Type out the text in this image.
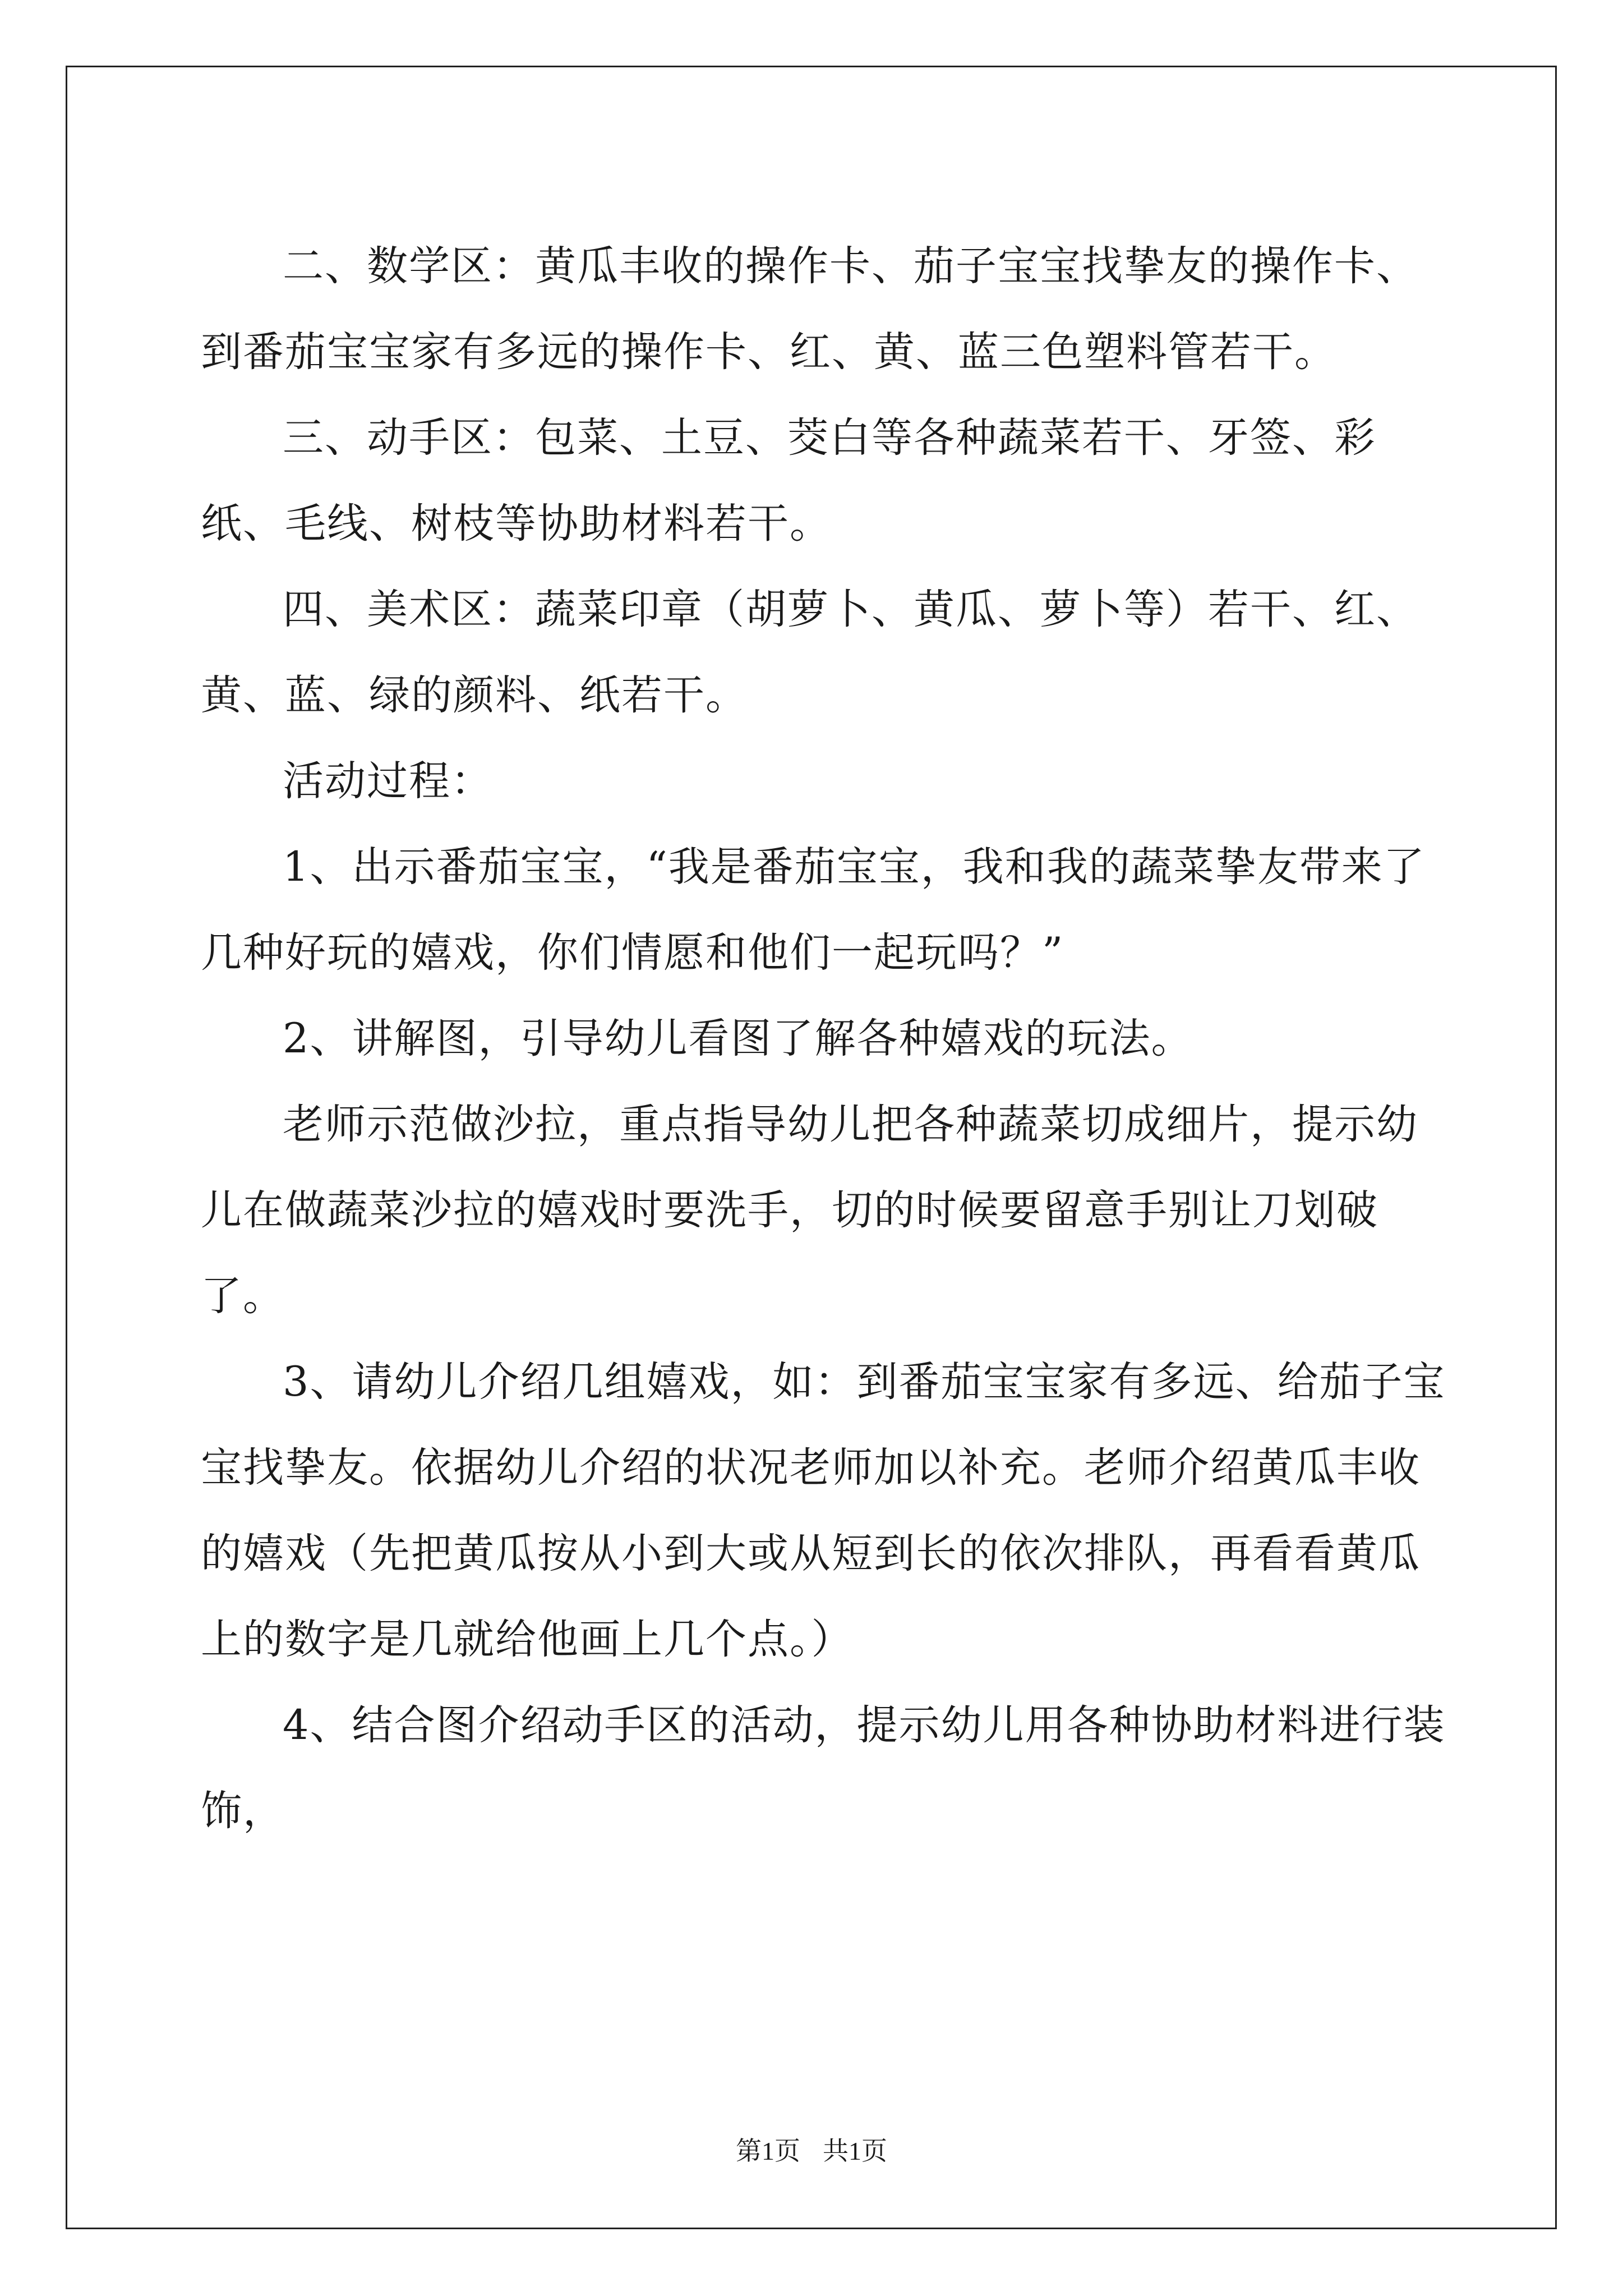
二、数学区：黄瓜丰收的操作卡、茄子宝宝找挚友的操作卡、到番茄宝宝家有多远的操作卡、红、黄、蓝三色塑料管若干。

三、动手区：包菜、土豆、茭白等各种蔬菜若干、牙签、彩纸、毛线、树枝等协助材料若干。

四、美术区：蔬菜印章（胡萝卜、黄瓜、萝卜等）若干、红、黄、蓝、绿的颜料、纸若干。

活动过程：

1、出示番茄宝宝，“我是番茄宝宝，我和我的蔬菜挚友带来了几种好玩的嬉戏，你们情愿和他们一起玩吗？”

2、讲解图，引导幼儿看图了解各种嬉戏的玩法。

老师示范做沙拉，重点指导幼儿把各种蔬菜切成细片，提示幼儿在做蔬菜沙拉的嬉戏时要洗手，切的时候要留意手别让刀划破了。

3、请幼儿介绍几组嬉戏，如：到番茄宝宝家有多远、给茄子宝宝找挚友。依据幼儿介绍的状况老师加以补充。老师介绍黄瓜丰收的嬉戏（先把黄瓜按从小到大或从短到长的依次排队，再看看黄瓜上的数字是几就给他画上几个点。）

4、结合图介绍动手区的活动，提示幼儿用各种协助材料进行装饰，

第1页 共1页
